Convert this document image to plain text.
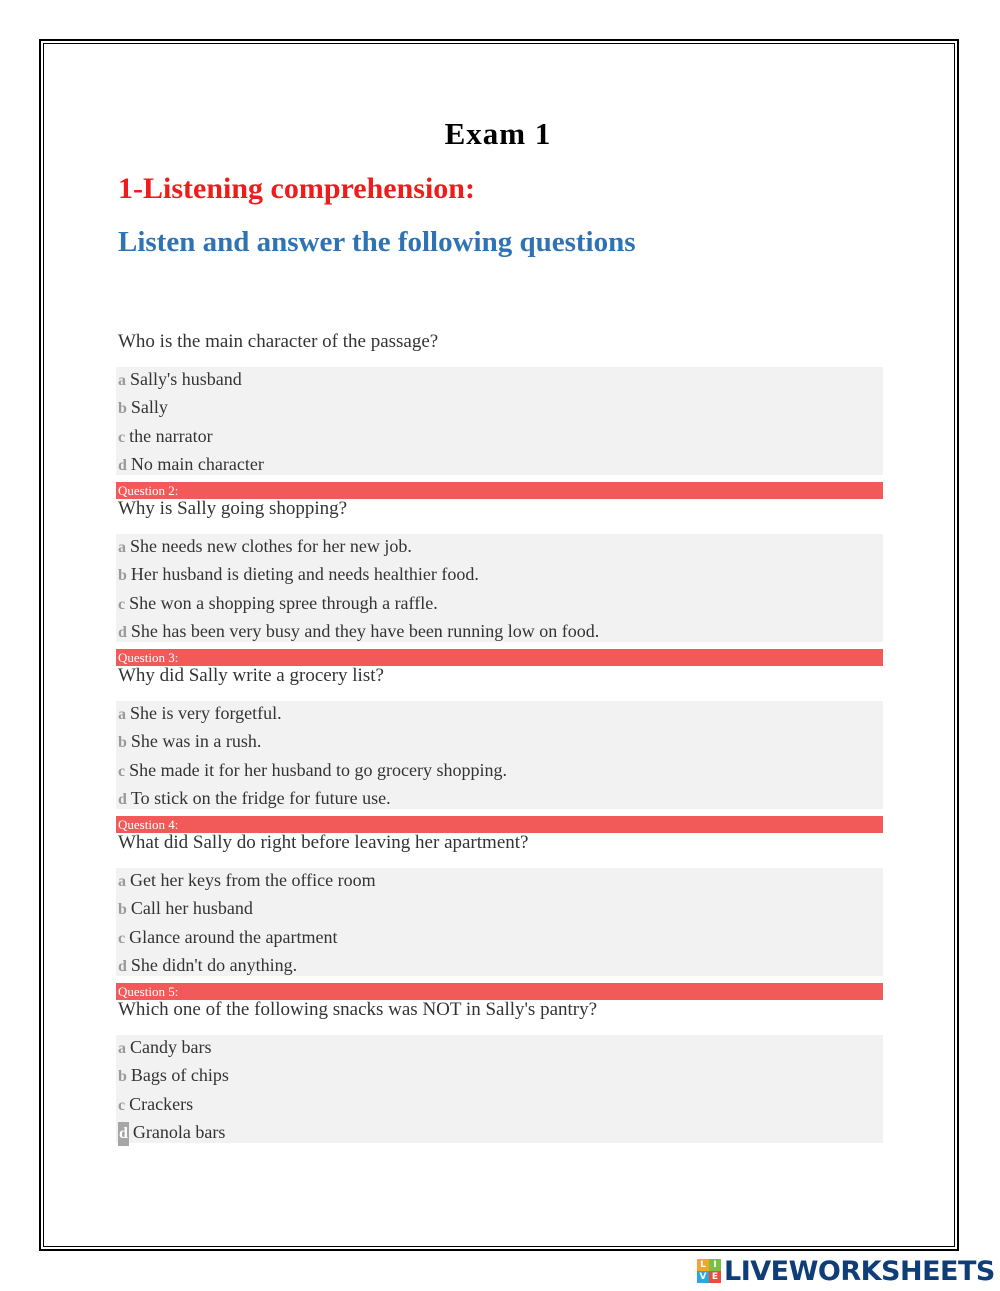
Exam 1
1-Listening comprehension:
Listen and answer the following questions
Who is the main character of the passage?
a Sally's husband
b Sally
c the narrator
d No main character
Question 2:
Why is Sally going shopping?
a She needs new clothes for her new job.
b Her husband is dieting and needs healthier food.
c She won a shopping spree through a raffle.
d She has been very busy and they have been running low on food.
Question 3:
Why did Sally write a grocery list?
a She is very forgetful.
b She was in a rush.
c She made it for her husband to go grocery shopping.
d To stick on the fridge for future use.
Question 4:
What did Sally do right before leaving her apartment?
a Get her keys from the office room
b Call her husband
c Glance around the apartment
d She didn't do anything.
Question 5:
Which one of the following snacks was NOT in Sally's pantry?
a Candy bars
b Bags of chips
c Crackers
d Granola bars
L I
V E LIVEWORKSHEETS
